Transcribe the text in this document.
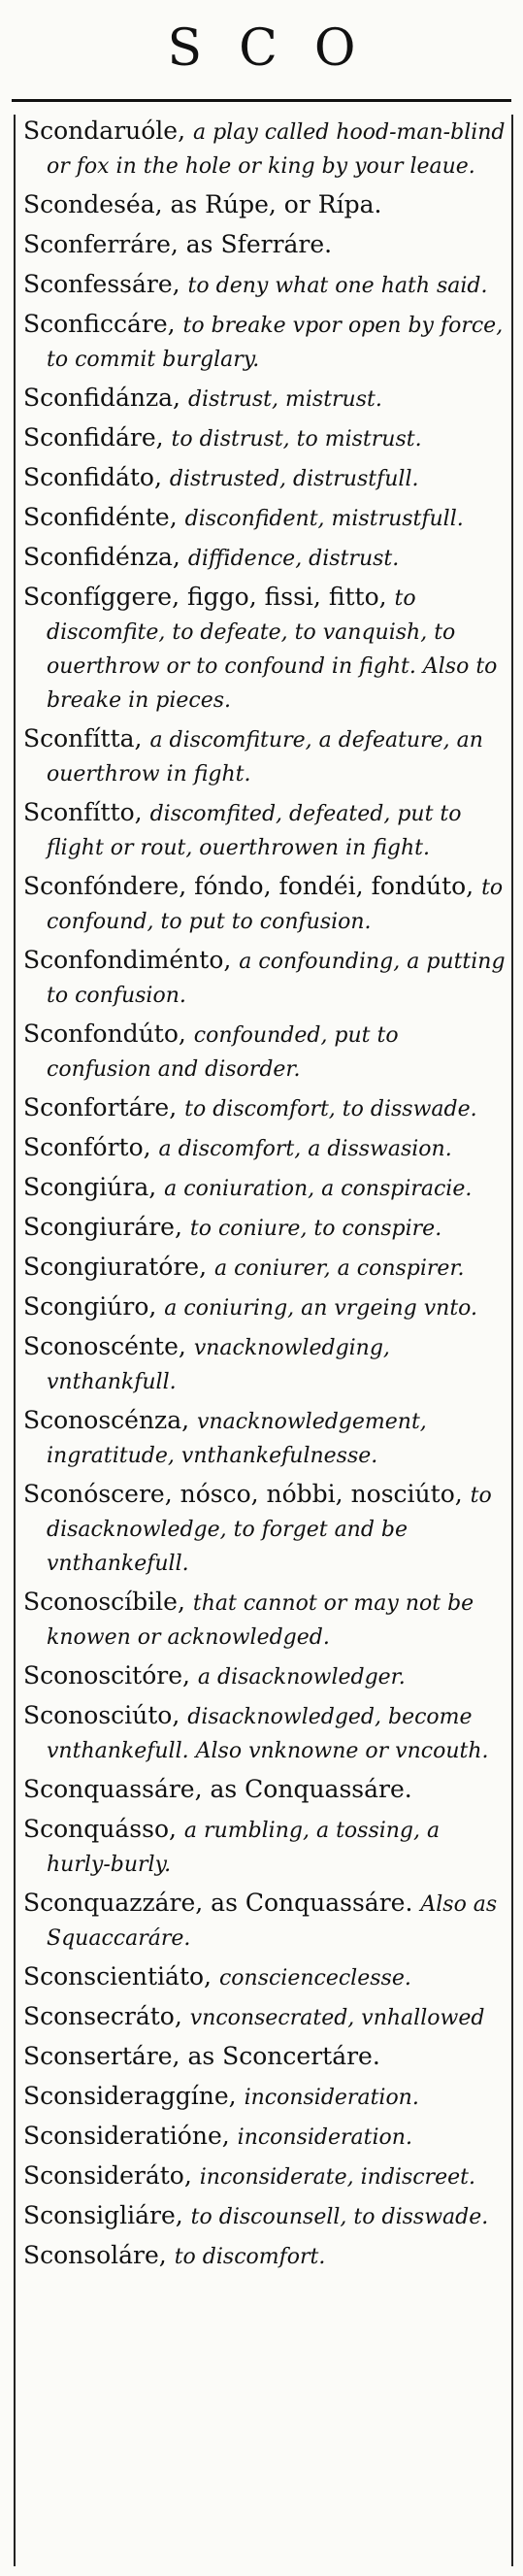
SCO
Scondaruóle, a play called hood-man-blind or fox in the hole or king by your leaue.
Scondeséa, as Rúpe, or Rípa.
Sconferráre, as Sferráre.
Sconfessáre, to deny what one hath said.
Sconficcáre, to breake vpor open by force, to commit burglary.
Sconfidánza, distrust, mistrust.
Sconfidáre, to distrust, to mistrust.
Sconfidáto, distrusted, distrustfull.
Sconfidénte, disconfident, mistrustfull.
Sconfidénza, diffidence, distrust.
Sconfíggere, figgo, fissi, fitto, to discomfite, to defeate, to vanquish, to ouerthrow or to confound in fight. Also to breake in pieces.
Sconfítta, a discomfiture, a defeature, an ouerthrow in fight.
Sconfítto, discomfited, defeated, put to flight or rout, ouerthrowen in fight.
Sconfóndere, fóndo, fondéi, fondúto, to confound, to put to confusion.
Sconfondiménto, a confounding, a putting to confusion.
Sconfondúto, confounded, put to confusion and disorder.
Sconfortáre, to discomfort, to disswade.
Sconfórto, a discomfort, a disswasion.
Scongiúra, a coniuration, a conspiracie.
Scongiuráre, to coniure, to conspire.
Scongiuratóre, a coniurer, a conspirer.
Scongiúro, a coniuring, an vrgeing vnto.
Sconoscénte, vnacknowledging, vnthankfull.
Sconoscénza, vnacknowledgement, ingratitude, vnthankefulnesse.
Sconóscere, nósco, nóbbi, nosciúto, to disacknowledge, to forget and be vnthankefull.
Sconoscíbile, that cannot or may not be knowen or acknowledged.
Sconoscitóre, a disacknowledger.
Sconosciúto, disacknowledged, become vnthankefull. Also vnknowne or vncouth.
Sconquassáre, as Conquassáre.
Sconquásso, a rumbling, a tossing, a hurly-burly.
Sconquazzáre, as Conquassáre. Also as Squaccaráre.
Sconscientiáto, conscienceclesse.
Sconsecráto, vnconsecrated, vnhallowed
Sconsertáre, as Sconcertáre.
Sconsideraggíne, inconsideration.
Sconsideratióne, inconsideration.
Sconsideráto, inconsiderate, indiscreet.
Sconsigliáre, to discounsell, to disswade.
Sconsoláre, to discomfort.
